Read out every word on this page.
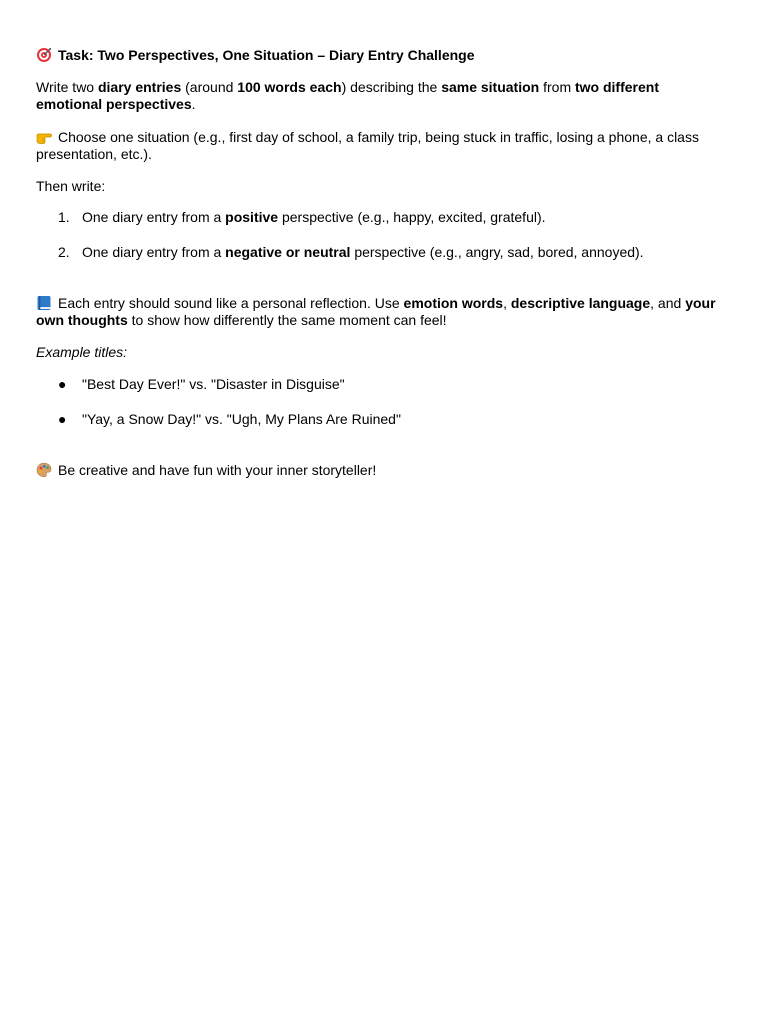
Task: Two Perspectives, One Situation – Diary Entry Challenge

Write two diary entries (around 100 words each) describing the same situation from two different emotional perspectives.

Choose one situation (e.g., first day of school, a family trip, being stuck in traffic, losing a phone, a class presentation, etc.).

Then write:

1. One diary entry from a positive perspective (e.g., happy, excited, grateful).
2. One diary entry from a negative or neutral perspective (e.g., angry, sad, bored, annoyed).

Each entry should sound like a personal reflection. Use emotion words, descriptive language, and your own thoughts to show how differently the same moment can feel!

Example titles:

● "Best Day Ever!" vs. "Disaster in Disguise"
● "Yay, a Snow Day!" vs. "Ugh, My Plans Are Ruined"

Be creative and have fun with your inner storyteller!
